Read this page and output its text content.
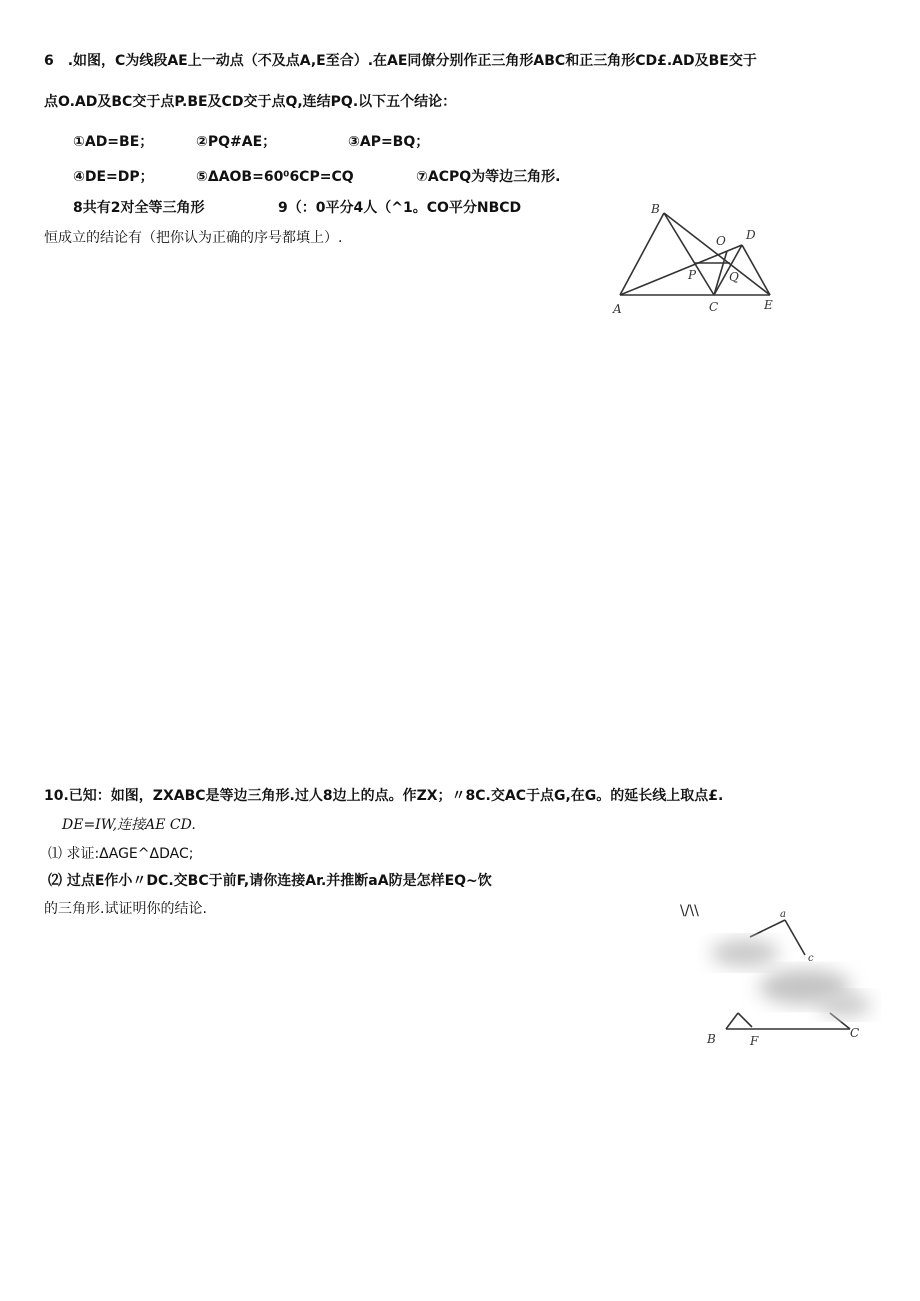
6　.如图，C为线段AE上一动点（不及点A,E至合）.在AE同僚分别作正三角形ABC和正三角形CD£.AD及BE交于
点O.AD及BC交于点P.BE及CD交于点Q,连结PQ.以下五个结论：
①AD=BE；	②PQ#AE；	③AP=BQ；
④DE=DP；	⑤ΔAOB=60⁰6CP=CQ	⑦ACPQ为等边三角形.
8共有2对全等三角形	9（：0平分4人（^1。CO平分NBCD
恒成立的结论有（把你认为正确的序号都填上）.
A
B
C
D
E
O
P	Q
10.已知：如图，ZXABC是等边三角形.过人8边上的点。作ZX；〃8C.交AC于点G,在G。的延长线上取点£.
DE=IW,连接AE CD.
⑴ 求证:ΔAGE^ΔDAC;
⑵ 过点E作小〃DC.交BC于前F,请你连接Ar.并推断aA防是怎样EQ~饮
的三角形.试证明你的结论.	\/\\	a
c
B	F
C
